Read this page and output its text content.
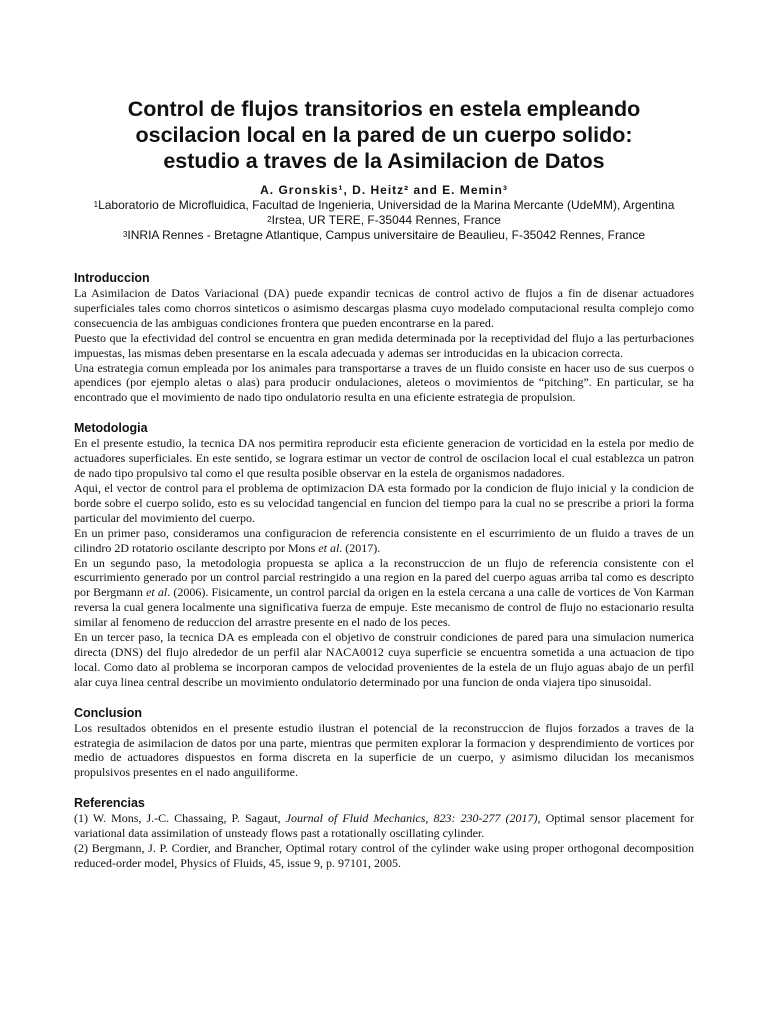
Control de flujos transitorios en estela empleando
oscilacion local en la pared de un cuerpo solido:
estudio a traves de la Asimilacion de Datos
A. Gronskis¹, D. Heitz² and E. Memin³
$^1$Laboratorio de Microfluidica, Facultad de Ingenieria, Universidad de la Marina Mercante (UdeMM), Argentina
$^2$Irstea, UR TERE, F-35044 Rennes, France
$^3$INRIA Rennes - Bretagne Atlantique, Campus universitaire de Beaulieu, F-35042 Rennes, France
Introduccion

La Asimilacion de Datos Variacional (DA) puede expandir tecnicas de control activo de flujos a fin de disenar actuadores superficiales tales como chorros sinteticos o asimismo descargas plasma cuyo modelado computacional resulta complejo como consecuencia de las ambiguas condiciones frontera que pueden encontrarse en la pared.

Puesto que la efectividad del control se encuentra en gran medida determinada por la receptividad del flujo a las perturbaciones impuestas, las mismas deben presentarse en la escala adecuada y ademas ser introducidas en la ubicacion correcta.

Una estrategia comun empleada por los animales para transportarse a traves de un fluido consiste en hacer uso de sus cuerpos o apendices (por ejemplo aletas o alas) para producir ondulaciones, aleteos o movimientos de “pitching”. En particular, se ha encontrado que el movimiento de nado tipo ondulatorio resulta en una eficiente estrategia de propulsion.

Metodologia

En el presente estudio, la tecnica DA nos permitira reproducir esta eficiente generacion de vorticidad en la estela por medio de actuadores superficiales. En este sentido, se lograra estimar un vector de control de oscilacion local el cual establezca un patron de nado tipo propulsivo tal como el que resulta posible observar en la estela de organismos nadadores.

Aqui, el vector de control para el problema de optimizacion DA esta formado por la condicion de flujo inicial y la condicion de borde sobre el cuerpo solido, esto es su velocidad tangencial en funcion del tiempo para la cual no se prescribe a priori la forma particular del movimiento del cuerpo.

En un primer paso, consideramos una configuracion de referencia consistente en el escurrimiento de un fluido a traves de un cilindro 2D rotatorio oscilante descripto por Mons et al. (2017).

En un segundo paso, la metodologia propuesta se aplica a la reconstruccion de un flujo de referencia consistente con el escurrimiento generado por un control parcial restringido a una region en la pared del cuerpo aguas arriba tal como es descripto por Bergmann et al. (2006). Fisicamente, un control parcial da origen en la estela cercana a una calle de vortices de Von Karman reversa la cual genera localmente una significativa fuerza de empuje. Este mecanismo de control de flujo no estacionario resulta similar al fenomeno de reduccion del arrastre presente en el nado de los peces.

En un tercer paso, la tecnica DA es empleada con el objetivo de construir condiciones de pared para una simulacion numerica directa (DNS) del flujo alrededor de un perfil alar NACA0012 cuya superficie se encuentra sometida a una actuacion de tipo local. Como dato al problema se incorporan campos de velocidad provenientes de la estela de un flujo aguas abajo de un perfil alar cuya linea central describe un movimiento ondulatorio determinado por una funcion de onda viajera tipo sinusoidal.

Conclusion

Los resultados obtenidos en el presente estudio ilustran el potencial de la reconstruccion de flujos forzados a traves de la estrategia de asimilacion de datos por una parte, mientras que permiten explorar la formacion y desprendimiento de vortices por medio de actuadores dispuestos en forma discreta en la superficie de un cuerpo, y asimismo dilucidan los mecanismos propulsivos presentes en el nado anguiliforme.

Referencias

(1) W. Mons, J.-C. Chassaing, P. Sagaut, Journal of Fluid Mechanics, 823: 230-277 (2017), Optimal sensor placement for variational data assimilation of unsteady flows past a rotationally oscillating cylinder.

(2) Bergmann, J. P. Cordier, and Brancher, Optimal rotary control of the cylinder wake using proper orthogonal decomposition reduced-order model, Physics of Fluids, 45, issue 9, p. 97101, 2005.
